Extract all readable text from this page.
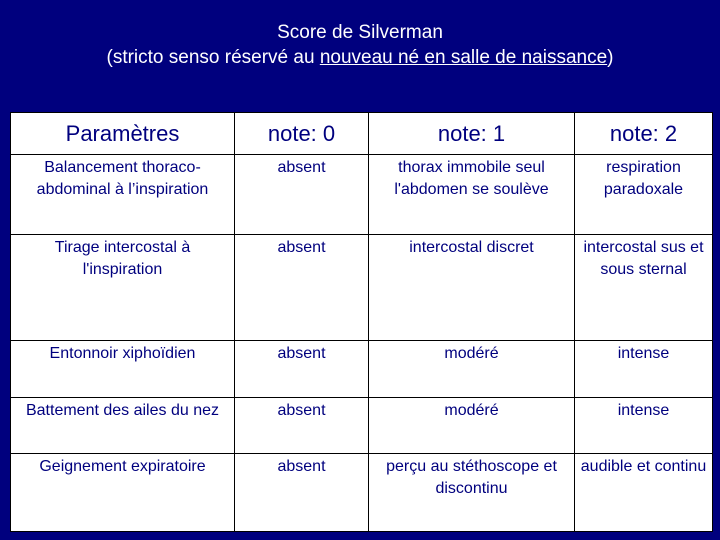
Score de Silverman
(stricto senso réservé au nouveau né en salle de naissance)
Paramètres	note: 0	note: 1	note: 2
Balancement thoraco-abdominal à l’inspiration	absent	thorax immobile seul l'abdomen se soulève	respiration paradoxale
Tirage intercostal à l'inspiration	absent	intercostal discret	intercostal sus et sous sternal
Entonnoir xiphoïdien	absent	modéré	intense
Battement des ailes du nez	absent	modéré	intense
Geignement expiratoire	absent	perçu au stéthoscope et discontinu	audible et continu
